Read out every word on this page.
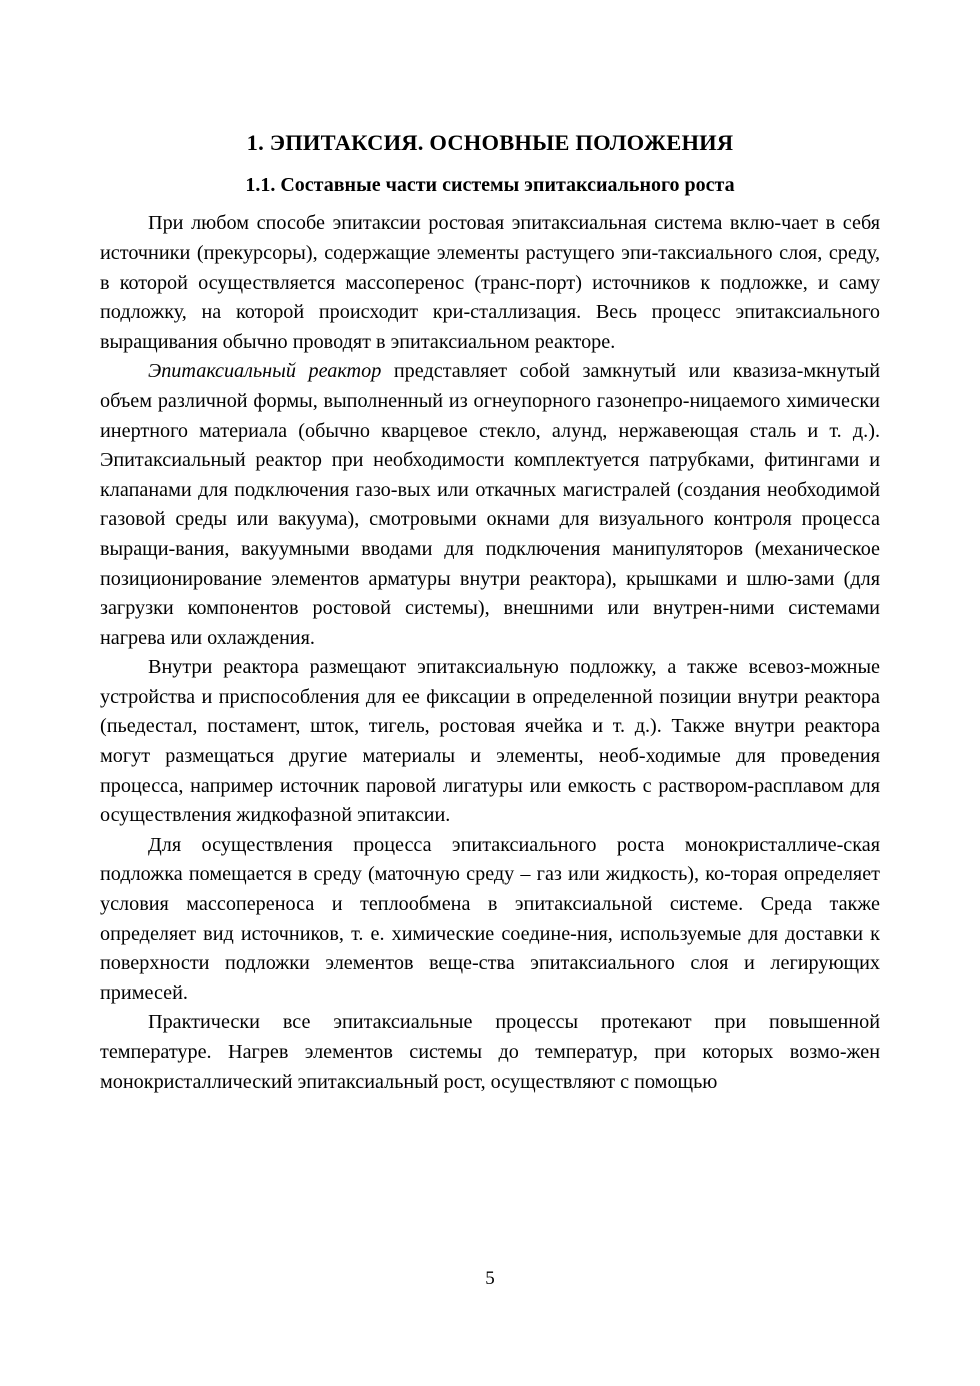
1. ЭПИТАКСИЯ. ОСНОВНЫЕ ПОЛОЖЕНИЯ
1.1. Составные части системы эпитаксиального роста

При любом способе эпитаксии ростовая эпитаксиальная система вклю-чает в себя источники (прекурсоры), содержащие элементы растущего эпи-таксиального слоя, среду, в которой осуществляется массоперенос (транс-порт) источников к подложке, и саму подложку, на которой происходит кри-сталлизация. Весь процесс эпитаксиального выращивания обычно проводят в эпитаксиальном реакторе.

Эпитаксиальный реактор представляет собой замкнутый или квазиза-мкнутый объем различной формы, выполненный из огнеупорного газонепро-ницаемого химически инертного материала (обычно кварцевое стекло, алунд, нержавеющая сталь и т. д.). Эпитаксиальный реактор при необходимости комплектуется патрубками, фитингами и клапанами для подключения газо-вых или откачных магистралей (создания необходимой газовой среды или вакуума), смотровыми окнами для визуального контроля процесса выращи-вания, вакуумными вводами для подключения манипуляторов (механическое позиционирование элементов арматуры внутри реактора), крышками и шлю-зами (для загрузки компонентов ростовой системы), внешними или внутрен-ними системами нагрева или охлаждения.

Внутри реактора размещают эпитаксиальную подложку, а также всевоз-можные устройства и приспособления для ее фиксации в определенной позиции внутри реактора (пьедестал, постамент, шток, тигель, ростовая ячейка и т. д.). Также внутри реактора могут размещаться другие материалы и элементы, необ-ходимые для проведения процесса, например источник паровой лигатуры или емкость с раствором-расплавом для осуществления жидкофазной эпитаксии.

Для осуществления процесса эпитаксиального роста монокристалличе-ская подложка помещается в среду (маточную среду – газ или жидкость), ко-торая определяет условия массопереноса и теплообмена в эпитаксиальной системе. Среда также определяет вид источников, т. е. химические соедине-ния, используемые для доставки к поверхности подложки элементов веще-ства эпитаксиального слоя и легирующих примесей.

Практически все эпитаксиальные процессы протекают при повышенной температуре. Нагрев элементов системы до температур, при которых возмо-жен монокристаллический эпитаксиальный рост, осуществляют с помощью

5
